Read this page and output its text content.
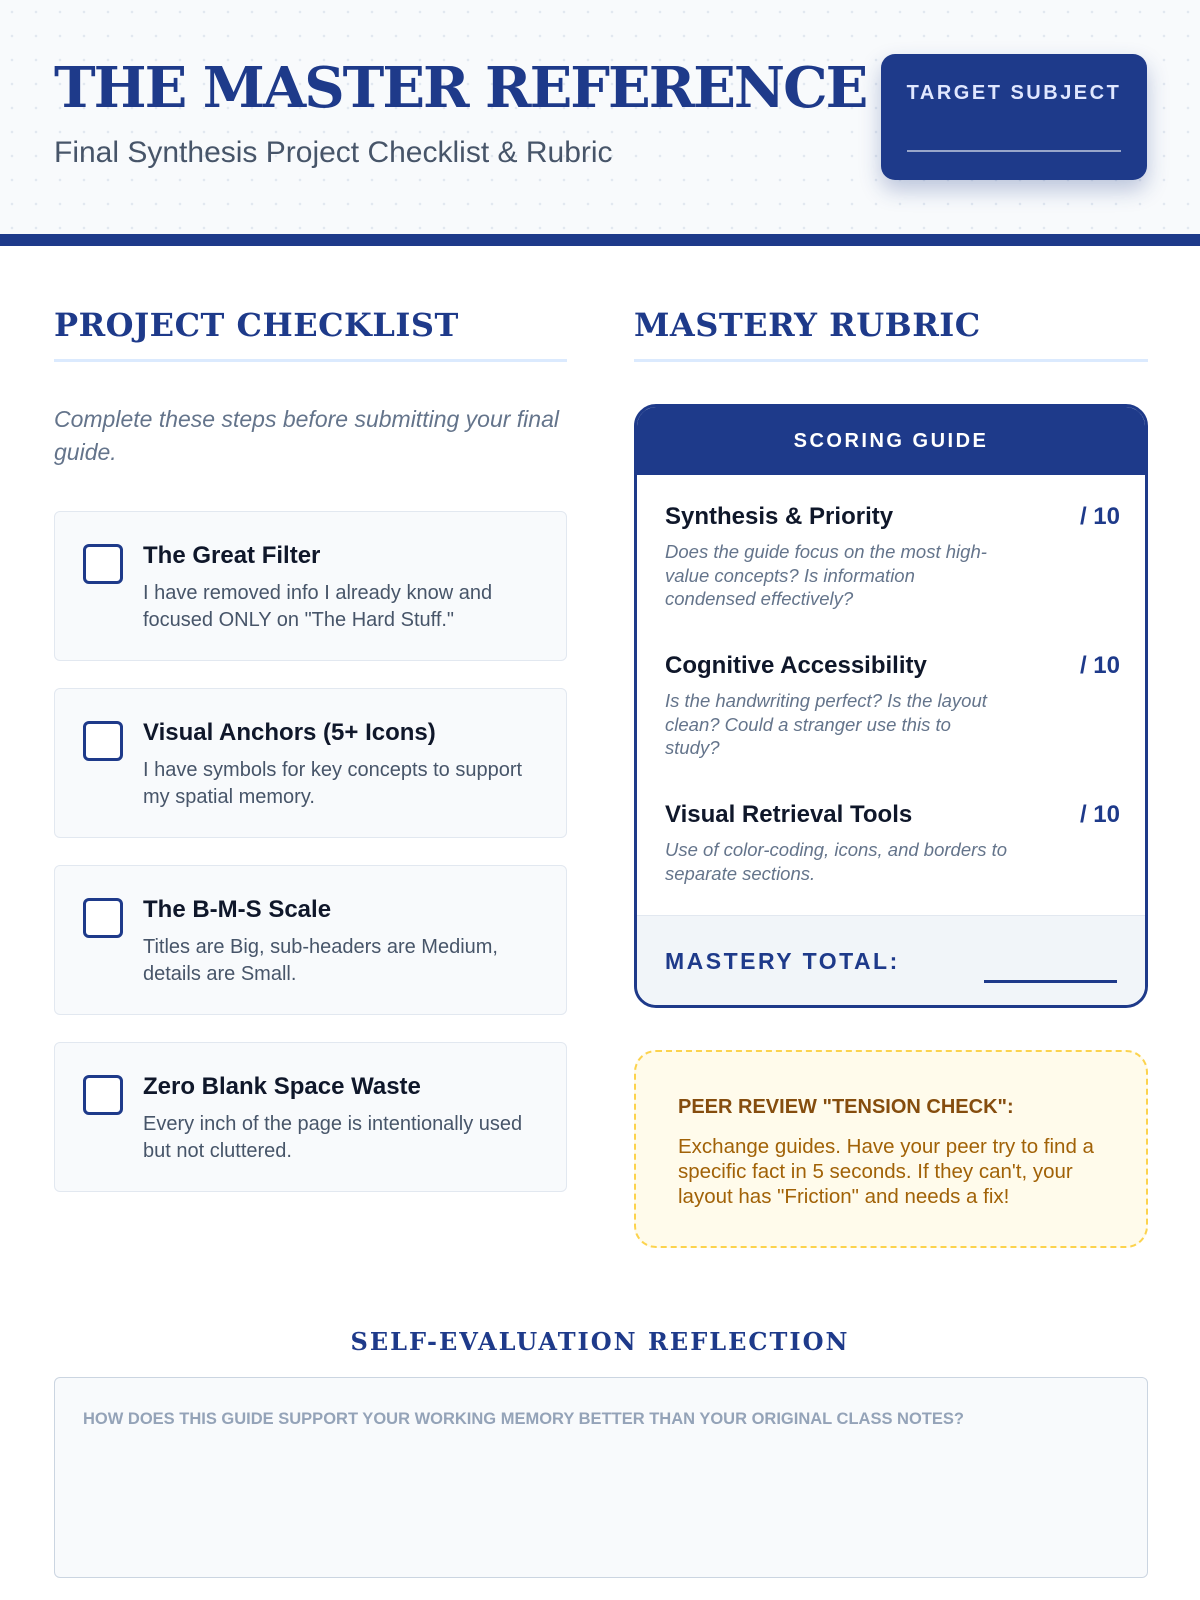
THE MASTER REFERENCE
Final Synthesis Project Checklist & Rubric
TARGET SUBJECT
PROJECT CHECKLIST

Complete these steps before submitting your final guide.

The Great Filter
I have removed info I already know and focused ONLY on "The Hard Stuff."
Visual Anchors (5+ Icons)
I have symbols for key concepts to support my spatial memory.
The B-M-S Scale
Titles are Big, sub-headers are Medium, details are Small.
Zero Blank Space Waste
Every inch of the page is intentionally used but not cluttered.
MASTERY RUBRIC
SCORING GUIDE
Synthesis & Priority	/ 10
Does the guide focus on the most high-value concepts? Is information condensed effectively?
Cognitive Accessibility	/ 10
Is the handwriting perfect? Is the layout clean? Could a stranger use this to study?
Visual Retrieval Tools	/ 10
Use of color-coding, icons, and borders to separate sections.
MASTERY TOTAL:
PEER REVIEW "TENSION CHECK":
Exchange guides. Have your peer try to find a specific fact in 5 seconds. If they can't, your layout has "Friction" and needs a fix!
SELF-EVALUATION REFLECTION
HOW DOES THIS GUIDE SUPPORT YOUR WORKING MEMORY BETTER THAN YOUR ORIGINAL CLASS NOTES?
